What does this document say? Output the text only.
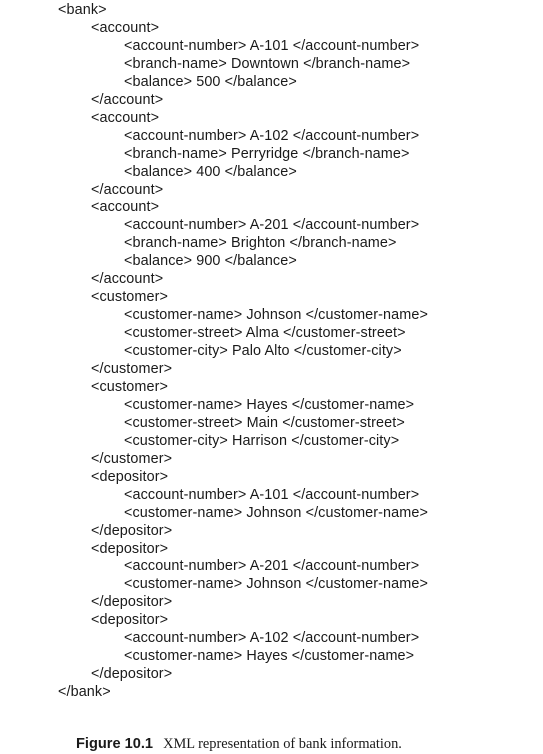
<bank>
<account>
<account-number> A-101 </account-number>
<branch-name> Downtown </branch-name>
<balance> 500 </balance>
</account>
<account>
<account-number> A-102 </account-number>
<branch-name> Perryridge </branch-name>
<balance> 400 </balance>
</account>
<account>
<account-number> A-201 </account-number>
<branch-name> Brighton </branch-name>
<balance> 900 </balance>
</account>
<customer>
<customer-name> Johnson </customer-name>
<customer-street> Alma </customer-street>
<customer-city> Palo Alto </customer-city>
</customer>
<customer>
<customer-name> Hayes </customer-name>
<customer-street> Main </customer-street>
<customer-city> Harrison </customer-city>
</customer>
<depositor>
<account-number> A-101 </account-number>
<customer-name> Johnson </customer-name>
</depositor>
<depositor>
<account-number> A-201 </account-number>
<customer-name> Johnson </customer-name>
</depositor>
<depositor>
<account-number> A-102 </account-number>
<customer-name> Hayes </customer-name>
</depositor>
</bank>

Figure 10.1 XML representation of bank information.
